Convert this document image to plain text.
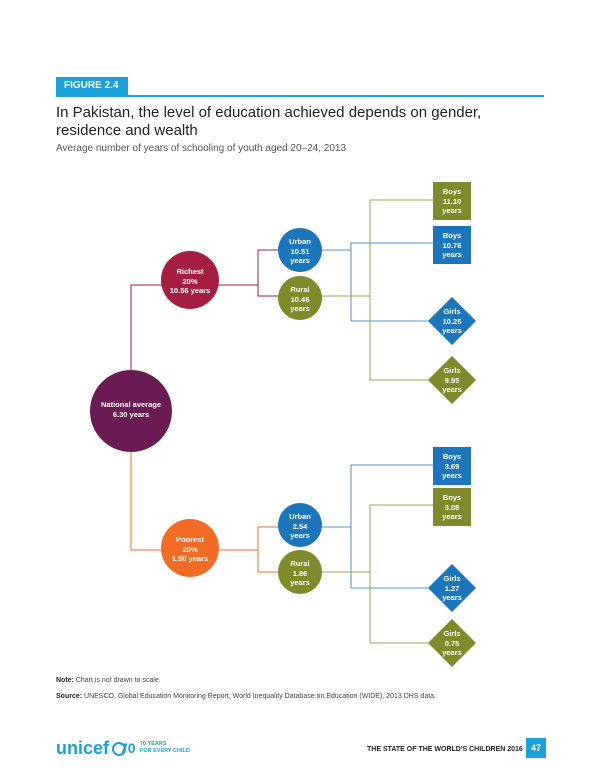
FIGURE 2.4
In Pakistan, the level of education achieved depends on gender, residence and wealth
Average number of years of schooling of youth aged 20–24, 2013
National average
6.30 years
Richest
20%
10.56 years
Poorest
20%
1.50 years
Urban
10.51
years
Rural
10.46
years
Urban
2.54
years
Rural
1.86
years
Boys
11.10
years
Boys
10.76
years
Boys
3.69
years
Boys
3.08
years
Girls
10.25
years
Girls
9.95
years
Girls
1.27
years
Girls
0.75
years
Note: Chart is not drawn to scale.
Source: UNESCO, Global Education Monitoring Report, World Inequality Database on Education (WIDE), 2013 DHS data.
unicef 70 70 YEARS
FOR EVERY CHILD	THE STATE OF THE WORLD'S CHILDREN 2016 47
